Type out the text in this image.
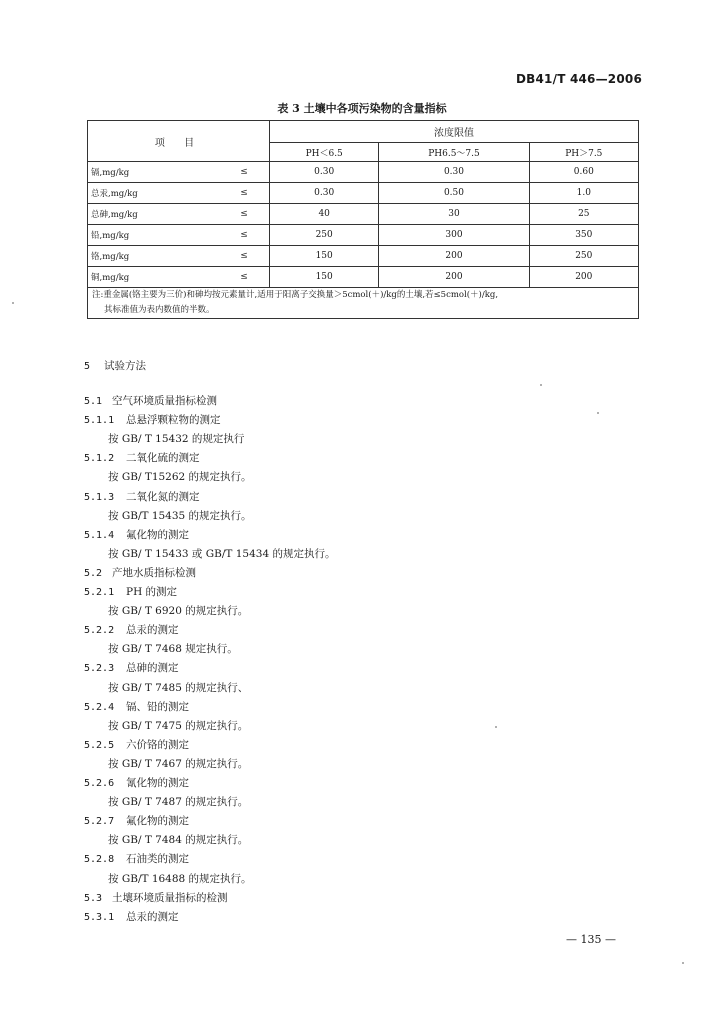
DB41/T 446—2006
表 3 土壤中各项污染物的含量指标
项 目		浓度限值		
		PH＜6.5	PH6.5～7.5	PH＞7.5
镉,mg/kg	≤	0.30	0.30	0.60
总汞,mg/kg	≤	0.30	0.50	1.0
总砷,mg/kg	≤	40	30	25
铅,mg/kg	≤	250	300	350
铬,mg/kg	≤	150	200	250
铜,mg/kg	≤	150	200	200

注:重金属(铬主要为三价)和砷均按元素量计,适用于阳离子交换量＞5cmol(＋)/kg的土壤,若≤5cmol(＋)/kg,
其标准值为表内数值的半数。				
5 试验方法
5.1 空气环境质量指标检测
5.1.1 总悬浮颗粒物的测定
按 GB/ T 15432 的规定执行
5.1.2 二氧化硫的测定
按 GB/ T15262 的规定执行。
5.1.3 二氧化氮的测定
按 GB/T 15435 的规定执行。
5.1.4 氟化物的测定
按 GB/ T 15433 或 GB/T 15434 的规定执行。
5.2 产地水质指标检测
5.2.1 PH 的测定
按 GB/ T 6920 的规定执行。
5.2.2 总汞的测定
按 GB/ T 7468 规定执行。
5.2.3 总砷的测定
按 GB/ T 7485 的规定执行、
5.2.4 镉、铅的测定
按 GB/ T 7475 的规定执行。
5.2.5 六价铬的测定
按 GB/ T 7467 的规定执行。
5.2.6 氰化物的测定
按 GB/ T 7487 的规定执行。
5.2.7 氟化物的测定
按 GB/ T 7484 的规定执行。
5.2.8 石油类的测定
按 GB/T 16488 的规定执行。
5.3 土壤环境质量指标的检测
5.3.1 总汞的测定
— 135 —
